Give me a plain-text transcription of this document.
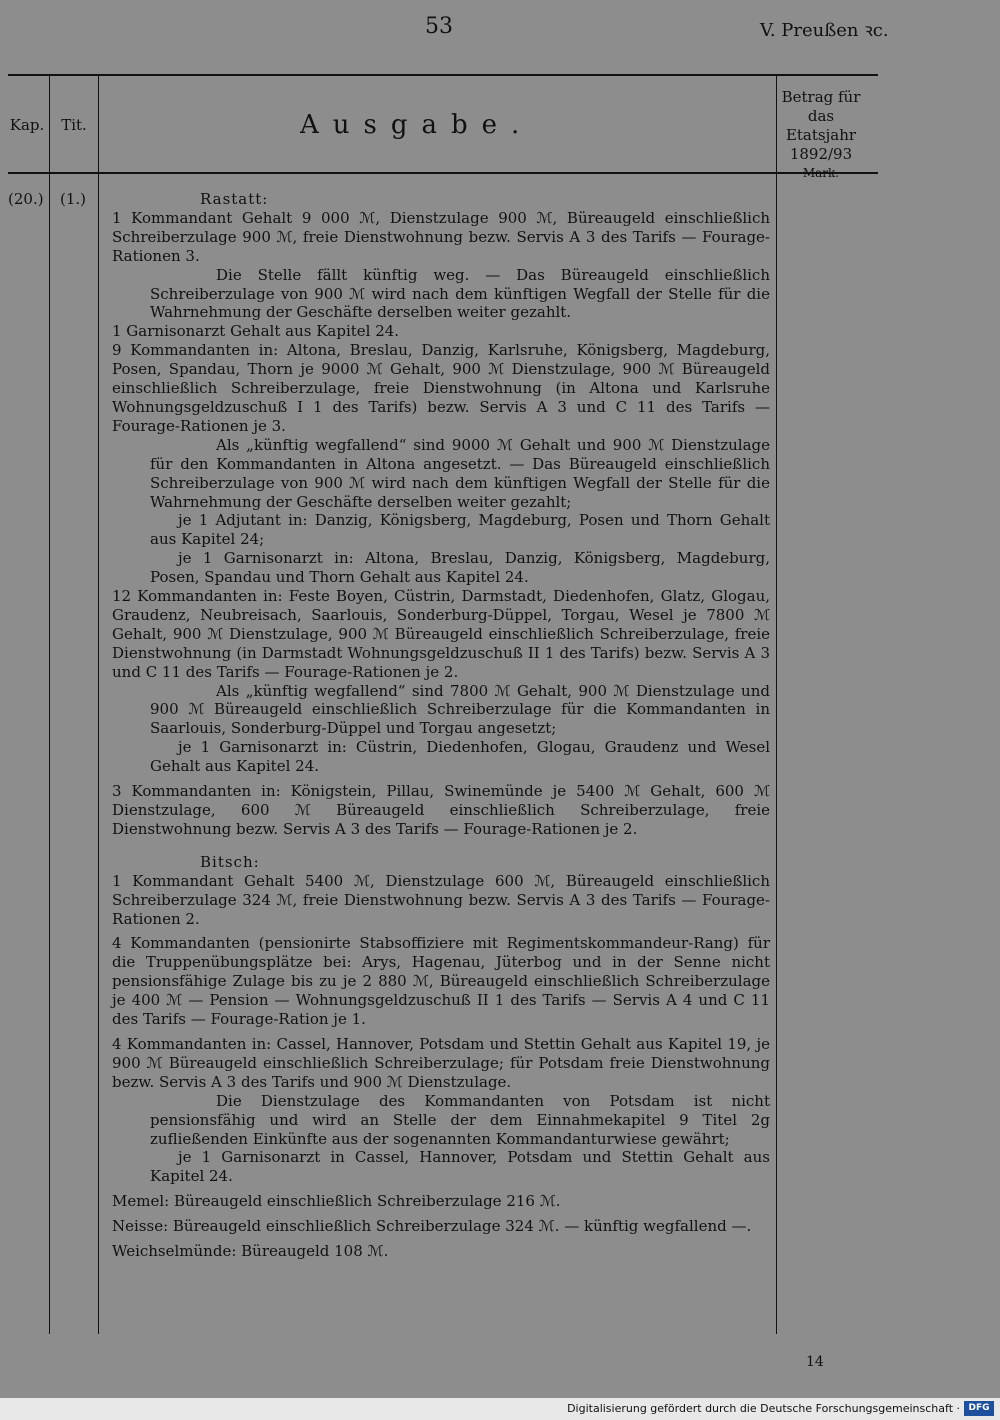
53	V. Preußen ꝛc.
Kap.	Tit.	Ausgabe.
Betrag für
das Etatsjahr
1892/93
Mark.
(20.) (1.)	Rastatt:

1 Kommandant Gehalt 9 000 ℳ, Dienstzulage 900 ℳ, Büreaugeld einschließlich Schreiberzulage 900 ℳ, freie Dienstwohnung bezw. Servis A 3 des Tarifs — Fourage-Rationen 3.

Die Stelle fällt künftig weg. — Das Büreaugeld einschließlich Schreiberzulage von 900 ℳ wird nach dem künftigen Wegfall der Stelle für die Wahrnehmung der Geschäfte derselben weiter gezahlt.

1 Garnisonarzt Gehalt aus Kapitel 24.

9 Kommandanten in: Altona, Breslau, Danzig, Karlsruhe, Königsberg, Magdeburg, Posen, Spandau, Thorn je 9000 ℳ Gehalt, 900 ℳ Dienstzulage, 900 ℳ Büreaugeld einschließlich Schreiberzulage, freie Dienstwohnung (in Altona und Karlsruhe Wohnungsgeldzuschuß I 1 des Tarifs) bezw. Servis A 3 und C 11 des Tarifs — Fourage-Rationen je 3.

Als „künftig wegfallend“ sind 9000 ℳ Gehalt und 900 ℳ Dienstzulage für den Kommandanten in Altona angesetzt. — Das Büreaugeld einschließlich Schreiberzulage von 900 ℳ wird nach dem künftigen Wegfall der Stelle für die Wahrnehmung der Geschäfte derselben weiter gezahlt;

je 1 Adjutant in: Danzig, Königsberg, Magdeburg, Posen und Thorn Gehalt aus Kapitel 24;

je 1 Garnisonarzt in: Altona, Breslau, Danzig, Königsberg, Magdeburg, Posen, Spandau und Thorn Gehalt aus Kapitel 24.

12 Kommandanten in: Feste Boyen, Cüstrin, Darmstadt, Diedenhofen, Glatz, Glogau, Graudenz, Neubreisach, Saarlouis, Sonderburg-Düppel, Torgau, Wesel je 7800 ℳ Gehalt, 900 ℳ Dienstzulage, 900 ℳ Büreaugeld einschließlich Schreiberzulage, freie Dienstwohnung (in Darmstadt Wohnungsgeldzuschuß II 1 des Tarifs) bezw. Servis A 3 und C 11 des Tarifs — Fourage-Rationen je 2.

Als „künftig wegfallend“ sind 7800 ℳ Gehalt, 900 ℳ Dienstzulage und 900 ℳ Büreaugeld einschließlich Schreiberzulage für die Kommandanten in Saarlouis, Sonderburg-Düppel und Torgau angesetzt;

je 1 Garnisonarzt in: Cüstrin, Diedenhofen, Glogau, Graudenz und Wesel Gehalt aus Kapitel 24.

3 Kommandanten in: Königstein, Pillau, Swinemünde je 5400 ℳ Gehalt, 600 ℳ Dienstzulage, 600 ℳ Büreaugeld einschließlich Schreiberzulage, freie Dienstwohnung bezw. Servis A 3 des Tarifs — Fourage-Rationen je 2.

Bitsch:

1 Kommandant Gehalt 5400 ℳ, Dienstzulage 600 ℳ, Büreaugeld einschließlich Schreiberzulage 324 ℳ, freie Dienstwohnung bezw. Servis A 3 des Tarifs — Fourage-Rationen 2.

4 Kommandanten (pensionirte Stabsoffiziere mit Regimentskommandeur-Rang) für die Truppenübungsplätze bei: Arys, Hagenau, Jüterbog und in der Senne nicht pensionsfähige Zulage bis zu je 2 880 ℳ, Büreaugeld einschließlich Schreiberzulage je 400 ℳ — Pension — Wohnungsgeldzuschuß II 1 des Tarifs — Servis A 4 und C 11 des Tarifs — Fourage-Ration je 1.

4 Kommandanten in: Cassel, Hannover, Potsdam und Stettin Gehalt aus Kapitel 19, je 900 ℳ Büreaugeld einschließlich Schreiberzulage; für Potsdam freie Dienstwohnung bezw. Servis A 3 des Tarifs und 900 ℳ Dienstzulage.

Die Dienstzulage des Kommandanten von Potsdam ist nicht pensionsfähig und wird an Stelle der dem Einnahmekapitel 9 Titel 2g zufließenden Einkünfte aus der sogenannten Kommandanturwiese gewährt;

je 1 Garnisonarzt in Cassel, Hannover, Potsdam und Stettin Gehalt aus Kapitel 24.

Memel: Büreaugeld einschließlich Schreiberzulage 216 ℳ.

Neisse: Büreaugeld einschließlich Schreiberzulage 324 ℳ. — künftig wegfallend —.

Weichselmünde: Büreaugeld 108 ℳ.

14
Digitalisierung gefördert durch die Deutsche Forschungsgemeinschaft · DFG
